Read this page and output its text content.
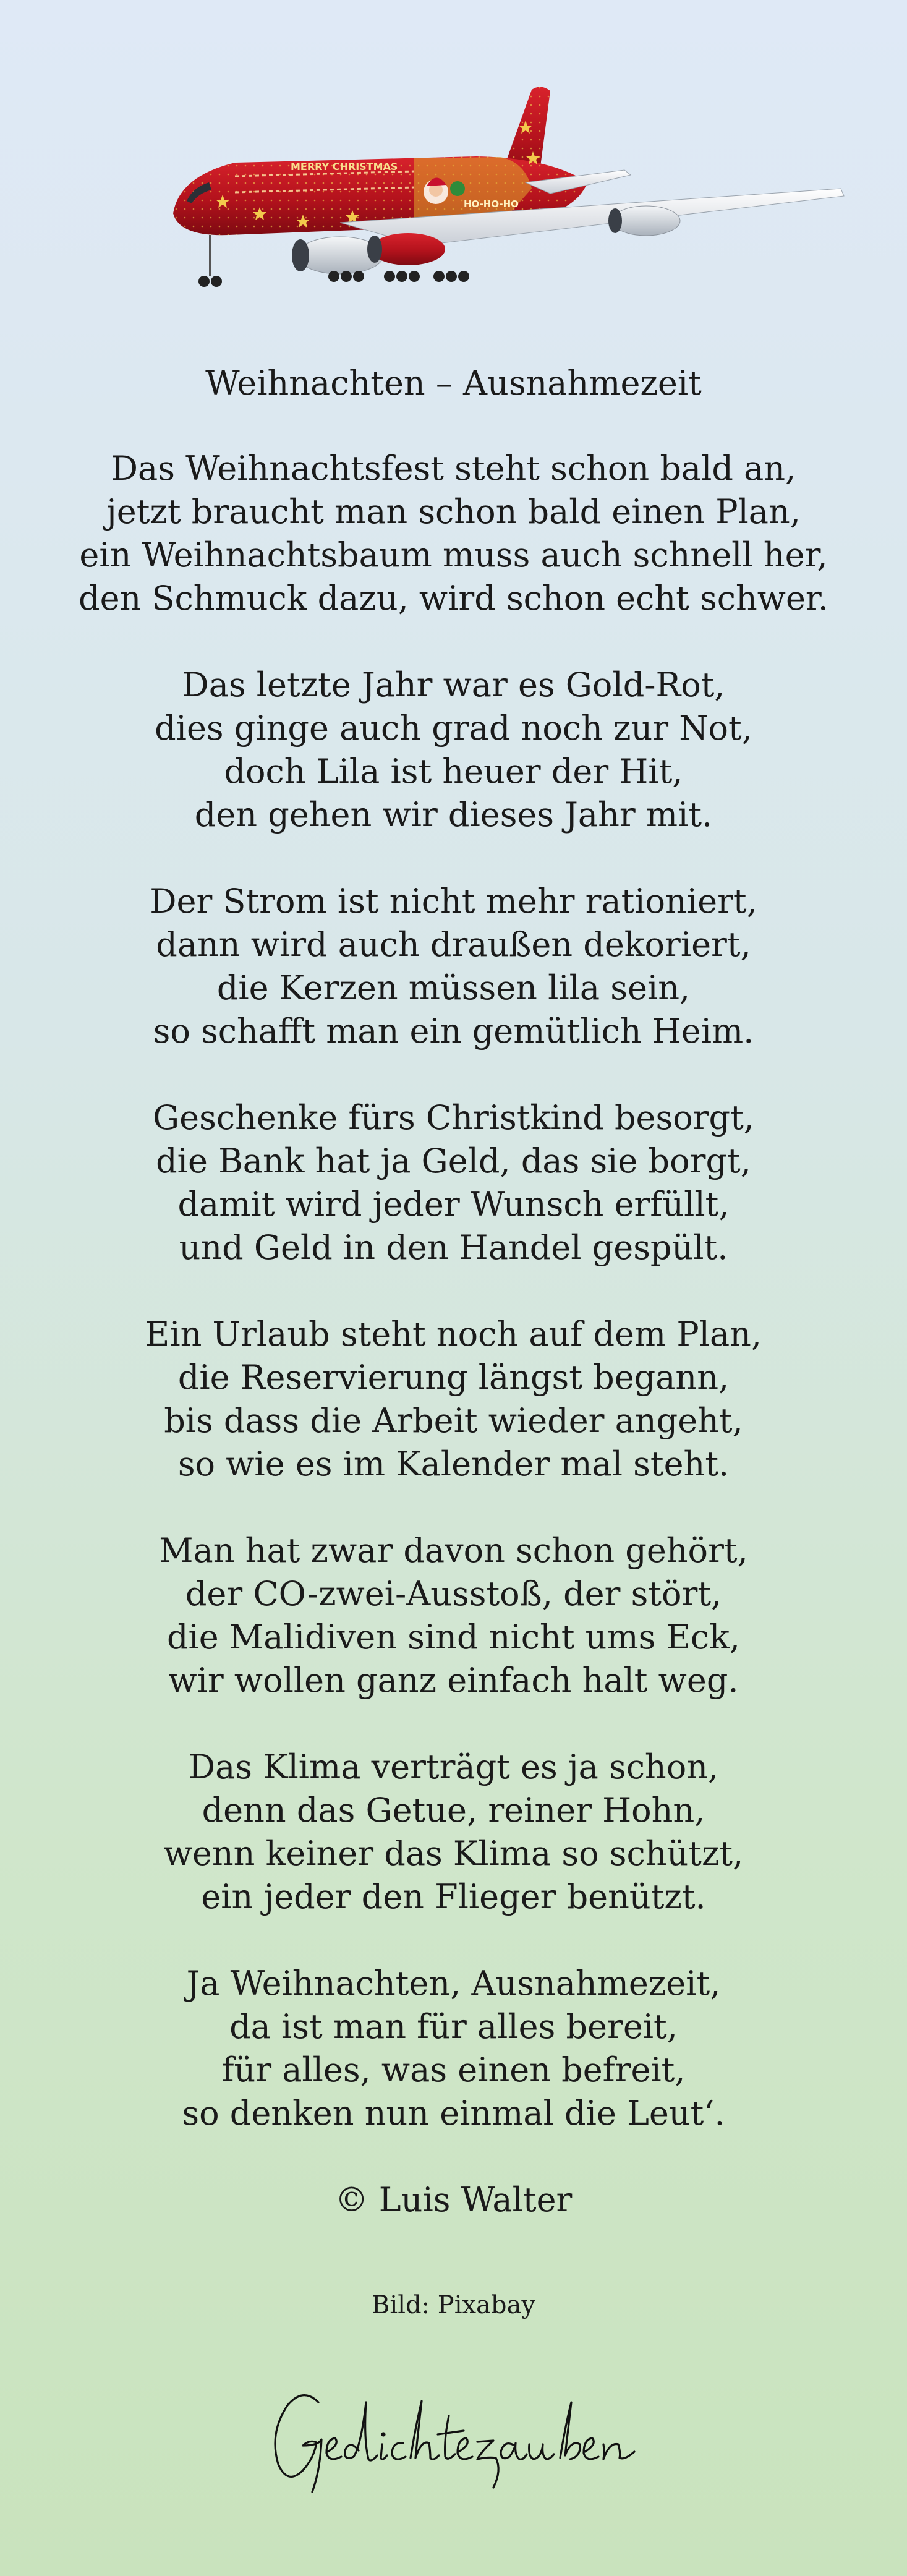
MERRY CHRISTMAS
HO-HO-HO
Weihnachten – Ausnahmezeit
Das Weihnachtsfest steht schon bald an,
jetzt braucht man schon bald einen Plan,
ein Weihnachtsbaum muss auch schnell her,
den Schmuck dazu, wird schon echt schwer.
Das letzte Jahr war es Gold-Rot,
dies ginge auch grad noch zur Not,
doch Lila ist heuer der Hit,
den gehen wir dieses Jahr mit.
Der Strom ist nicht mehr rationiert,
dann wird auch draußen dekoriert,
die Kerzen müssen lila sein,
so schafft man ein gemütlich Heim.
Geschenke fürs Christkind besorgt,
die Bank hat ja Geld, das sie borgt,
damit wird jeder Wunsch erfüllt,
und Geld in den Handel gespült.
Ein Urlaub steht noch auf dem Plan,
die Reservierung längst begann,
bis dass die Arbeit wieder angeht,
so wie es im Kalender mal steht.
Man hat zwar davon schon gehört,
der CO-zwei-Ausstoß, der stört,
die Malidiven sind nicht ums Eck,
wir wollen ganz einfach halt weg.
Das Klima verträgt es ja schon,
denn das Getue, reiner Hohn,
wenn keiner das Klima so schützt,
ein jeder den Flieger benützt.
Ja Weihnachten, Ausnahmezeit,
da ist man für alles bereit,
für alles, was einen befreit,
so denken nun einmal die Leut‘.
© Luis Walter
Bild: Pixabay
